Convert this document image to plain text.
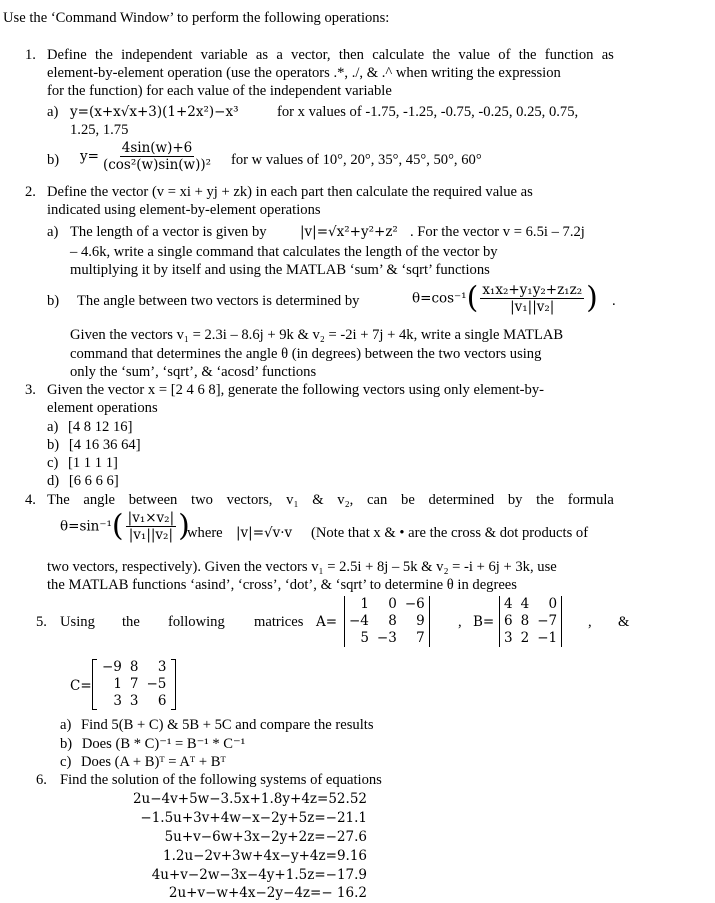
Use the ‘Command Window’ to perform the following operations:
1. Define the independent variable as a vector, then calculate the value of the function as
element-by-element operation (use the operators .*, ./, & .^ when writing the expression
for the function) for each value of the independent variable
a) y=(x+x√x+3)(1+2x²)−x³	for x values of -1.75, -1.25, -0.75, -0.25, 0.25, 0.75,
1.25, 1.75
b) $y= \frac{4\sin(w)+6}{\text{(cos²(w)sin(w))²}}$ for w values of 10°, 20°, 35°, 45°, 50°, 60°
2. Define the vector (v = xi + yj + zk) in each part then calculate the required value as
indicated using element-by-element operations
a) The length of a vector is given by |v|=√x²+y²+z² . For the vector v = 6.5i – 7.2j
– 4.6k, write a single command that calculates the length of the vector by
multiplying it by itself and using the MATLAB ‘sum’ & ‘sqrt’ functions
b) The angle between two vectors is determined by	$\theta=\cos^{-1}( \frac{\text{x₁x₂+y₁y₂+z₁z₂}}{\text{|v₁||v₂|}}$ ) .
Given the vectors v₁ = 2.3i – 8.6j + 9k & v₂ = -2i + 7j + 4k, write a single MATLAB
command that determines the angle θ (in degrees) between the two vectors using
only the ‘sum’, ‘sqrt’, & ‘acosd’ functions
3. Given the vector x = [2 4 6 8], generate the following vectors using only element-by-
element operations
a) [4 8 12 16]
b) [4 16 36 64]
c) [1 1 1 1]
d) [6 6 6 6]
4. The angle between two vectors, v₁ & v₂, can be determined by the formula
$\theta=\sin^{-1}( \frac{\text{|v₁×v₂|}}{\text{|v₁||v₂|}}$ )
where |v|=√v·v (Note that x & • are the cross & dot products of
two vectors, respectively). Given the vectors v₁ = 2.5i + 8j – 5k & v₂ = -i + 6j + 3k, use
the MATLAB functions ‘asind’, ‘cross’, ‘dot’, & ‘sqrt’ to determine θ in degrees
5. Using the following matrices A=
1	0	−6
−4	8	9
5	−3	7
, B=
4	4	0
6	8	−7
3	2	−1
, &
C=
−9	8	3
1	7	−5
3	3	6
a) Find 5(B + C) & 5B + 5C and compare the results
b) Does (B * C)⁻¹ = B⁻¹ * C⁻¹
c) Does (A + B)ᵀ = Aᵀ + Bᵀ
6. Find the solution of the following systems of equations
2u−4v+5w−3.5x+1.8y+4z=52.52
−1.5u+3v+4w−x−2y+5z=−21.1
5u+v−6w+3x−2y+2z=−27.6
1.2u−2v+3w+4x−y+4z=9.16
4u+v−2w−3x−4y+1.5z=−17.9
2u+v−w+4x−2y−4z=− 16.2
